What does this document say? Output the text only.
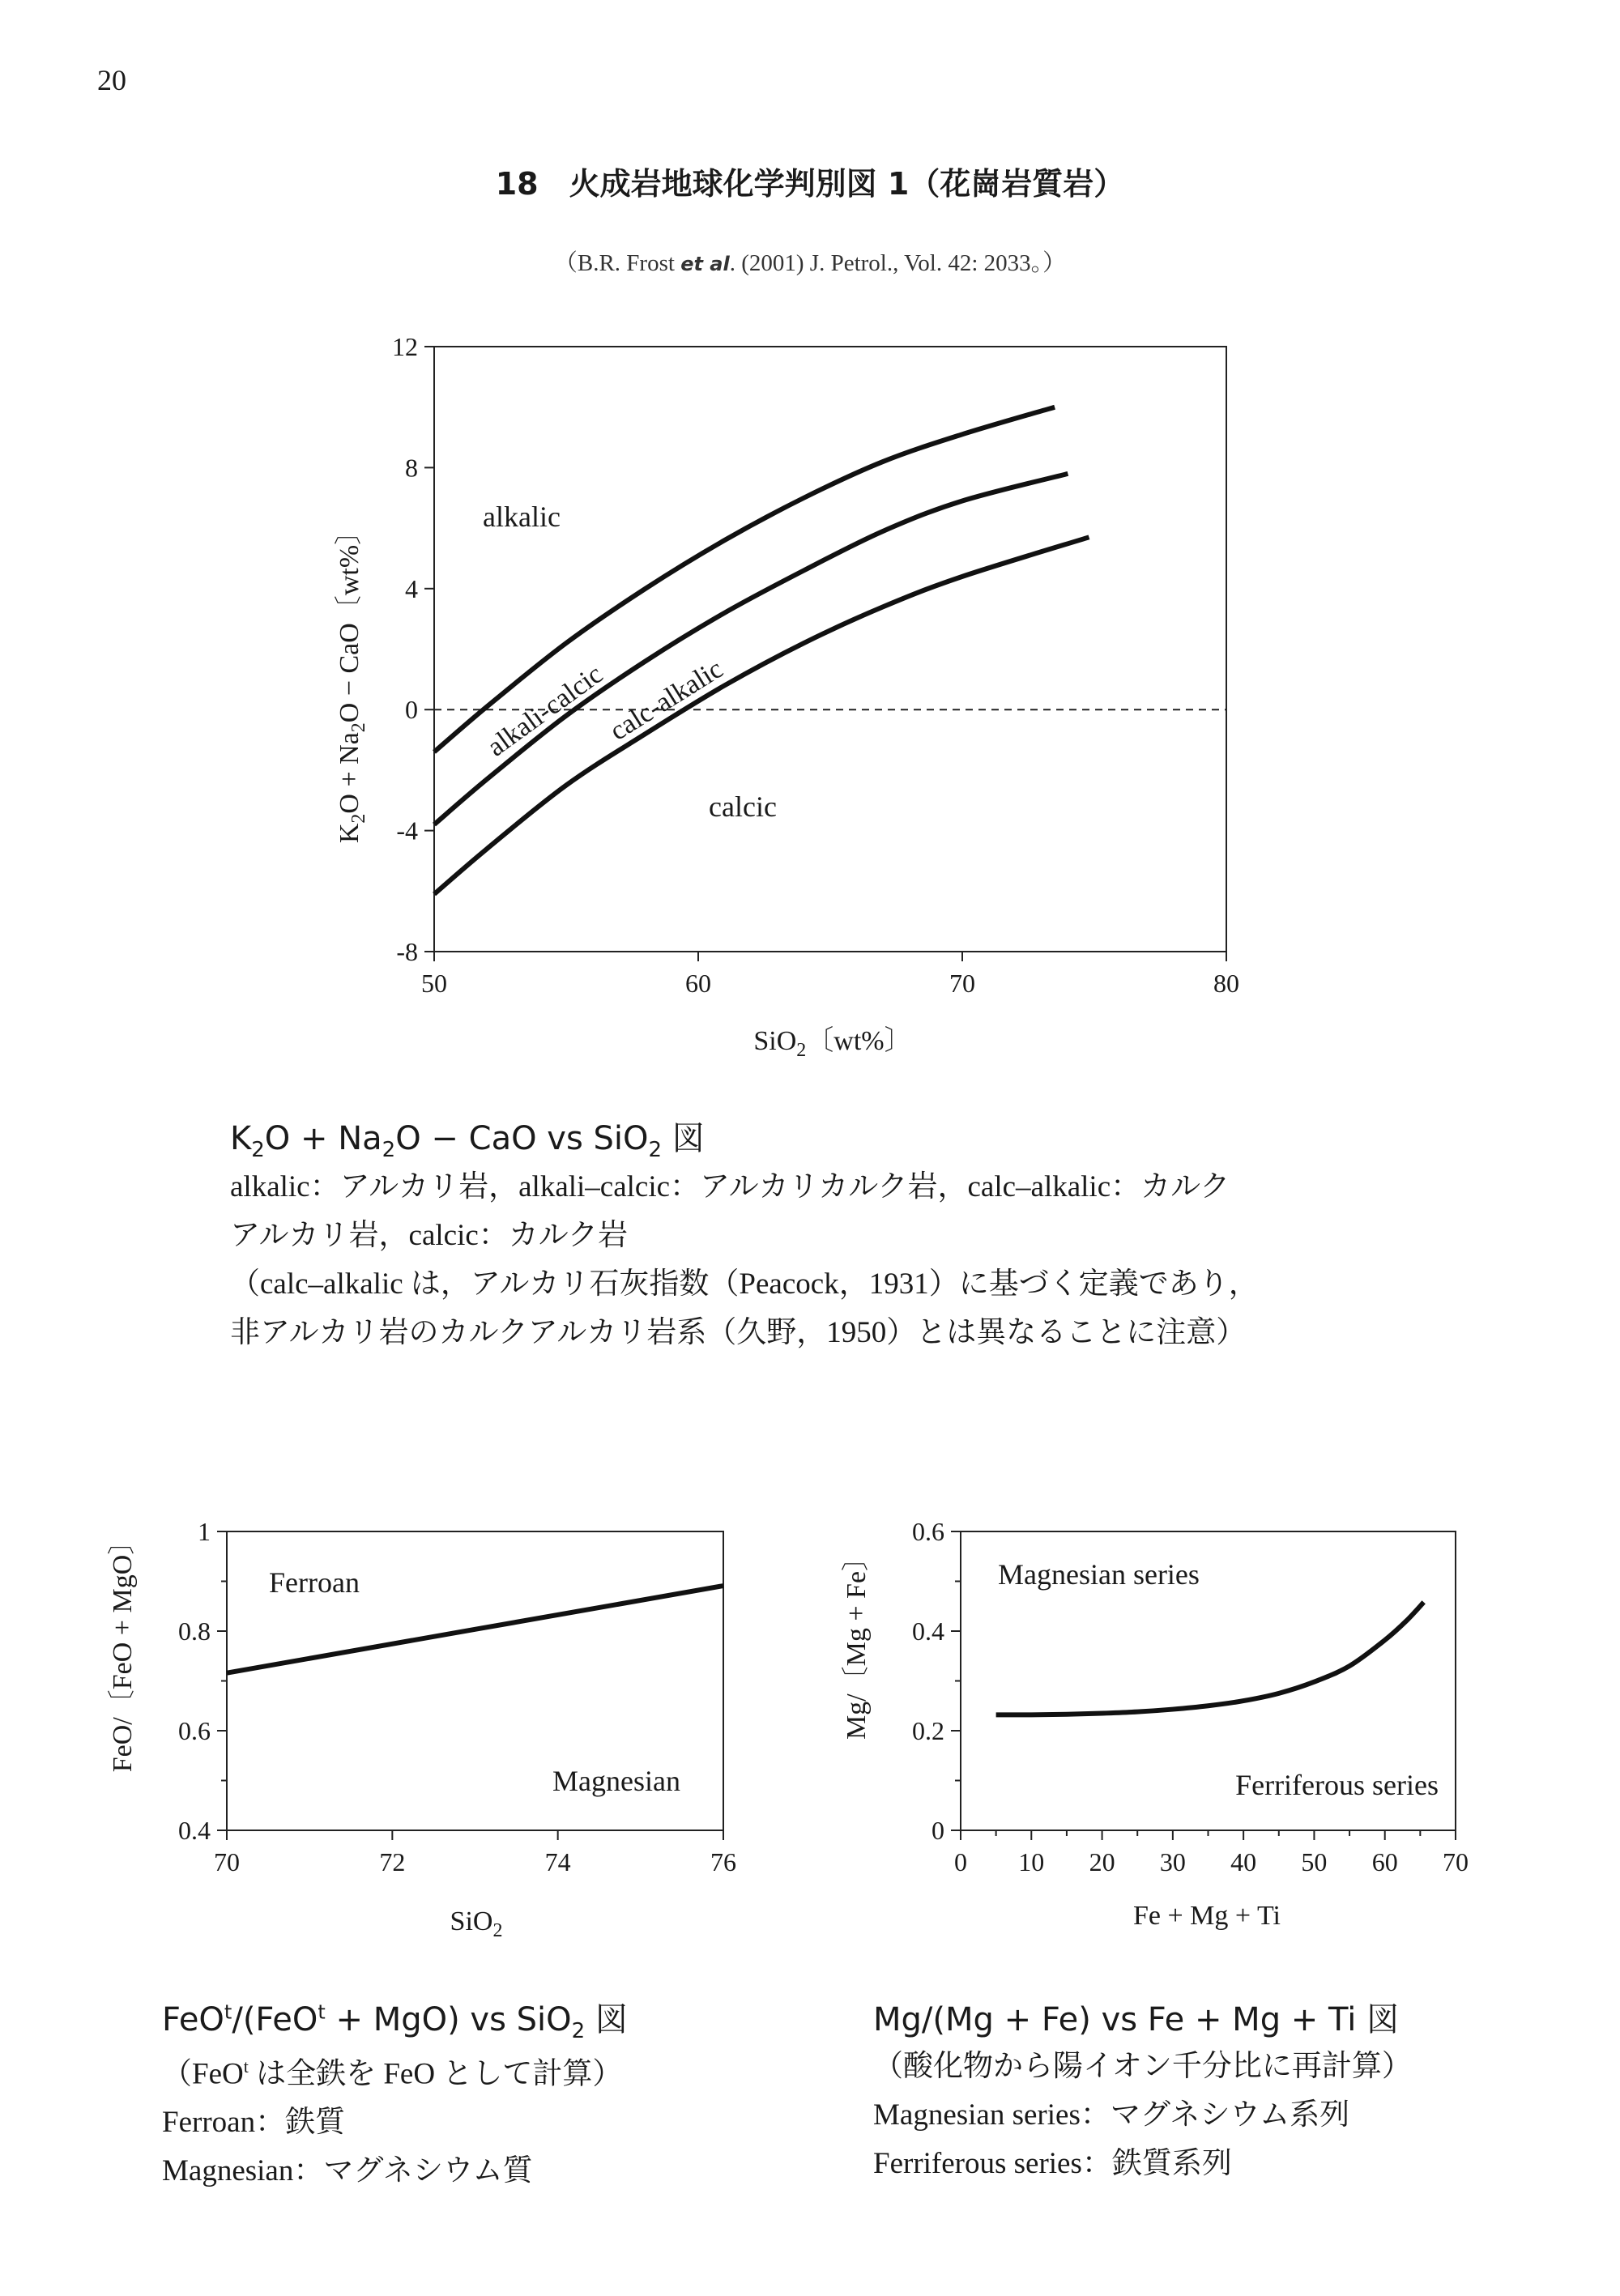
20
18　火成岩地球化学判別図 1（花崗岩質岩）
（B.R. Frost et al. (2001) J. Petrol., Vol. 42: 2033。）
$K_2O + Na_2O$ − CaO〔wt%〕
SiO$_2$〔wt%〕
50	60	70	80
12
8
4
0
-4
-8
alkalic
alkali-calcic
calc-alkalic
calcic
FeO/〔FeO + MgO〕
SiO$_2$
70	72	74	76
1
0.8
0.6
0.4
Ferroan
Magnesian
Mg/〔Mg + Fe〕
Fe + Mg + Ti
0 10 20 30 40 50 60 70
0.6
0.4
0.2
0
Magnesian series
Ferriferous series
$K_2O + Na_2O$ − CaO vs SiO$_2$ 図
alkalic：アルカリ岩，alkali–calcic：アルカリカルク岩，calc–alkalic：カルク
アルカリ岩，calcic：カルク岩
（calc–alkalic は，アルカリ石灰指数（Peacock，1931）に基づく定義であり，
非アルカリ岩のカルクアルカリ岩系（久野，1950）とは異なることに注意）
FeO$^t$/(FeO$^t$ + MgO) vs SiO$_2$ 図
（FeO$^t$ は全鉄を FeO として計算）
Ferroan：鉄質
Magnesian：マグネシウム質
Mg/(Mg + Fe) vs Fe + Mg + Ti 図
（酸化物から陽イオン千分比に再計算）
Magnesian series：マグネシウム系列
Ferriferous series：鉄質系列
